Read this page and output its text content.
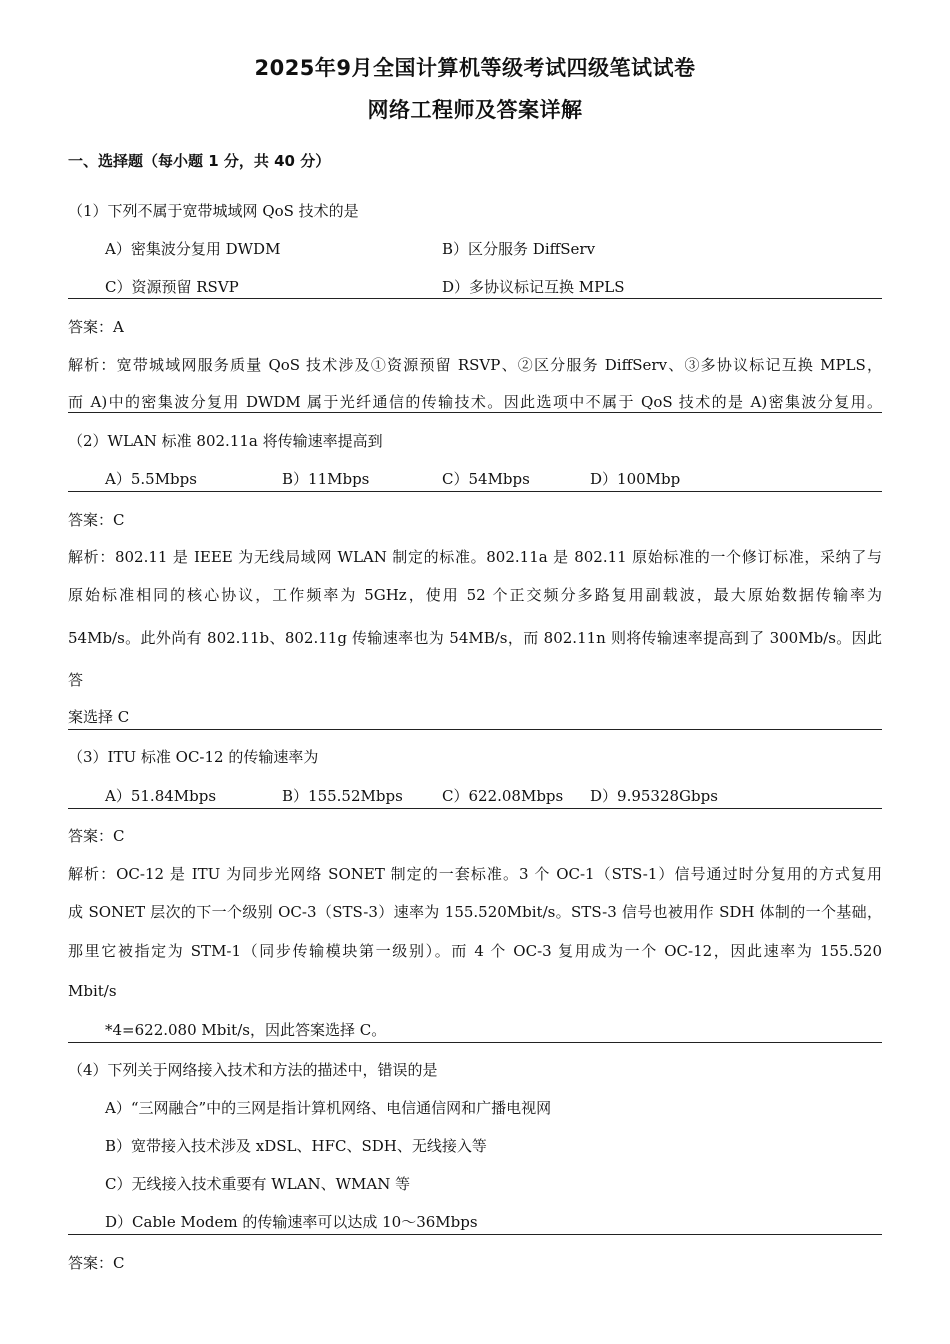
2025年9月全国计算机等级考试四级笔试试卷
网络工程师及答案详解
一、选择题（每小题 1 分，共 40 分）
（1）下列不属于宽带城域网 QoS 技术的是
A）密集波分复用 DWDM	B）区分服务 DiffServ
C）资源预留 RSVP	D）多协议标记互换 MPLS
答案：A
解析：宽带城域网服务质量 QoS 技术涉及①资源预留 RSVP、②区分服务 DiffServ、③多协议标记互换 MPLS，
而 A)中的密集波分复用 DWDM 属于光纤通信的传输技术。因此选项中不属于 QoS 技术的是 A)密集波分复用。
（2）WLAN 标准 802.11a 将传输速率提高到
A）5.5Mbps	B）11Mbps	C）54Mbps	D）100Mbp
答案：C
解析：802.11 是 IEEE 为无线局域网 WLAN 制定的标准。802.11a 是 802.11 原始标准的一个修订标准，采纳了与
原始标准相同的核心协议，工作频率为 5GHz，使用 52 个正交频分多路复用副载波，最大原始数据传输率为
54Mb/s。此外尚有 802.11b、802.11g 传输速率也为 54MB/s，而 802.11n 则将传输速率提高到了 300Mb/s。因此
答
案选择 C
（3）ITU 标准 OC-12 的传输速率为
A）51.84Mbps	B）155.52Mbps	C）622.08Mbps D）9.95328Gbps
答案：C
解析：OC-12 是 ITU 为同步光网络 SONET 制定的一套标准。3 个 OC-1（STS-1）信号通过时分复用的方式复用
成 SONET 层次的下一个级别 OC-3（STS-3）速率为 155.520Mbit/s。STS-3 信号也被用作 SDH 体制的一个基础，
那里它被指定为 STM-1（同步传输模块第一级别）。而 4 个 OC-3 复用成为一个 OC-12，因此速率为 155.520
Mbit/s
*4=622.080 Mbit/s，因此答案选择 C。
（4）下列关于网络接入技术和方法的描述中，错误的是
A）“三网融合”中的三网是指计算机网络、电信通信网和广播电视网
B）宽带接入技术涉及 xDSL、HFC、SDH、无线接入等
C）无线接入技术重要有 WLAN、WMAN 等
D）Cable Modem 的传输速率可以达成 10～36Mbps
答案：C
